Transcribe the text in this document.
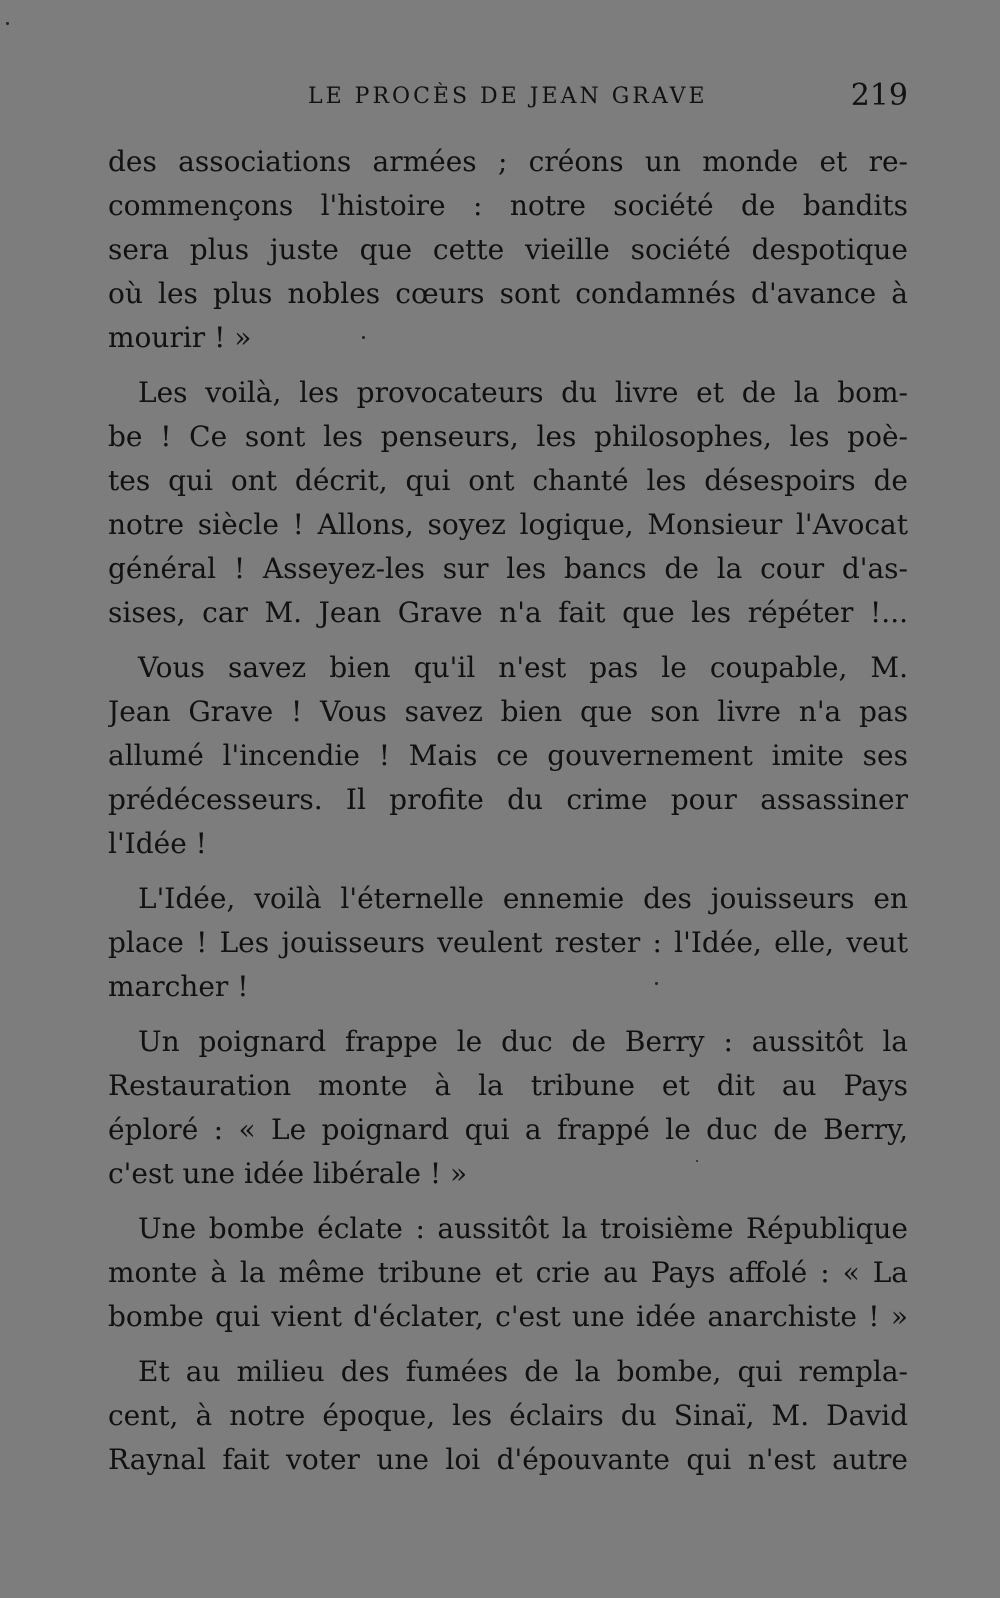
LE PROCÈS DE JEAN GRAVE	219
des associations armées ; créons un monde et re-
commençons l'histoire : notre société de bandits
sera plus juste que cette vieille société despotique
où les plus nobles cœurs sont condamnés d'avance à
mourir ! »
Les voilà, les provocateurs du livre et de la bom-
be ! Ce sont les penseurs, les philosophes, les poè-
tes qui ont décrit, qui ont chanté les désespoirs de
notre siècle ! Allons, soyez logique, Monsieur l'Avocat
général ! Asseyez-les sur les bancs de la cour d'as-
sises, car M. Jean Grave n'a fait que les répéter !...
Vous savez bien qu'il n'est pas le coupable, M.
Jean Grave ! Vous savez bien que son livre n'a pas
allumé l'incendie ! Mais ce gouvernement imite ses
prédécesseurs. Il profite du crime pour assassiner
l'Idée !
L'Idée, voilà l'éternelle ennemie des jouisseurs en
place ! Les jouisseurs veulent rester : l'Idée, elle, veut
marcher !
Un poignard frappe le duc de Berry : aussitôt la
Restauration monte à la tribune et dit au Pays
éploré : « Le poignard qui a frappé le duc de Berry,
c'est une idée libérale ! »
Une bombe éclate : aussitôt la troisième République
monte à la même tribune et crie au Pays affolé : « La
bombe qui vient d'éclater, c'est une idée anarchiste ! »
Et au milieu des fumées de la bombe, qui rempla-
cent, à notre époque, les éclairs du Sinaï, M. David
Raynal fait voter une loi d'épouvante qui n'est autre
